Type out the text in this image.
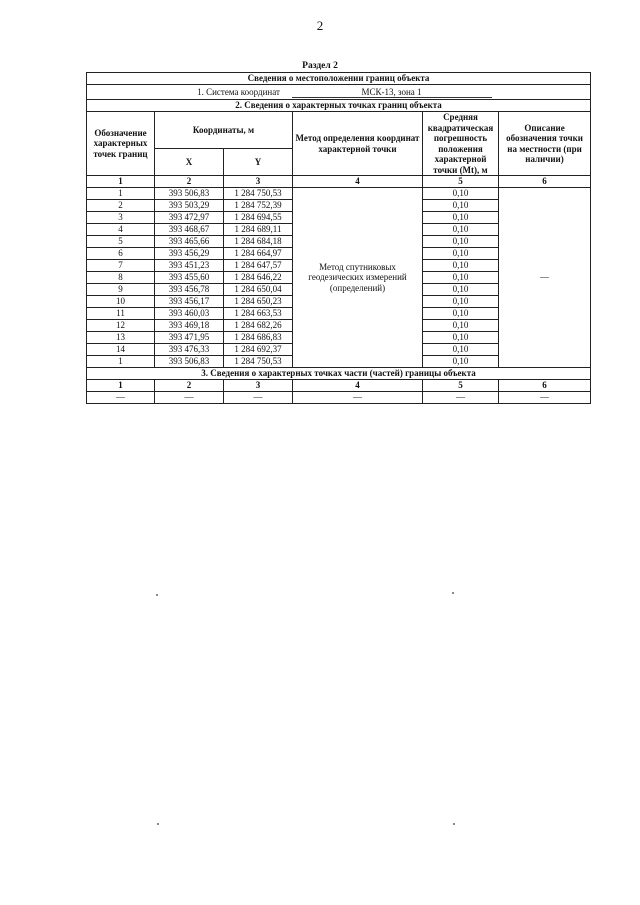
2
Раздел 2
Сведения о местоположении границ объекта					
1. Система координат МСК-13, зона 1					
2. Сведения о характерных точках границ объекта					
Обозначение характерных точек границ	Координаты, м		Метод определения координат характерной точки	Средняя квадратическая погрешность положения характерной точки (Mt), м	Описание обозначения точки на местности (при наличии)
	X	Y			
1	2	3	4	5	6
1	393 506,83	1 284 750,53	Метод спутниковых геодезических измерений (определений)	0,10	—
2	393 503,29	1 284 752,39		0,10	
3	393 472,97	1 284 694,55		0,10	
4	393 468,67	1 284 689,11		0,10	
5	393 465,66	1 284 684,18		0,10	
6	393 456,29	1 284 664,97		0,10	
7	393 451,23	1 284 647,57		0,10	
8	393 455,60	1 284 646,22		0,10	
9	393 456,78	1 284 650,04		0,10	
10	393 456,17	1 284 650,23		0,10	
11	393 460,03	1 284 663,53		0,10	
12	393 469,18	1 284 682,26		0,10	
13	393 471,95	1 284 686,83		0,10	
14	393 476,33	1 284 692,37		0,10	
1	393 506,83	1 284 750,53		0,10	
3. Сведения о характерных точках части (частей) границы объекта					
1	2	3	4	5	6
—	—	—	—	—	—
